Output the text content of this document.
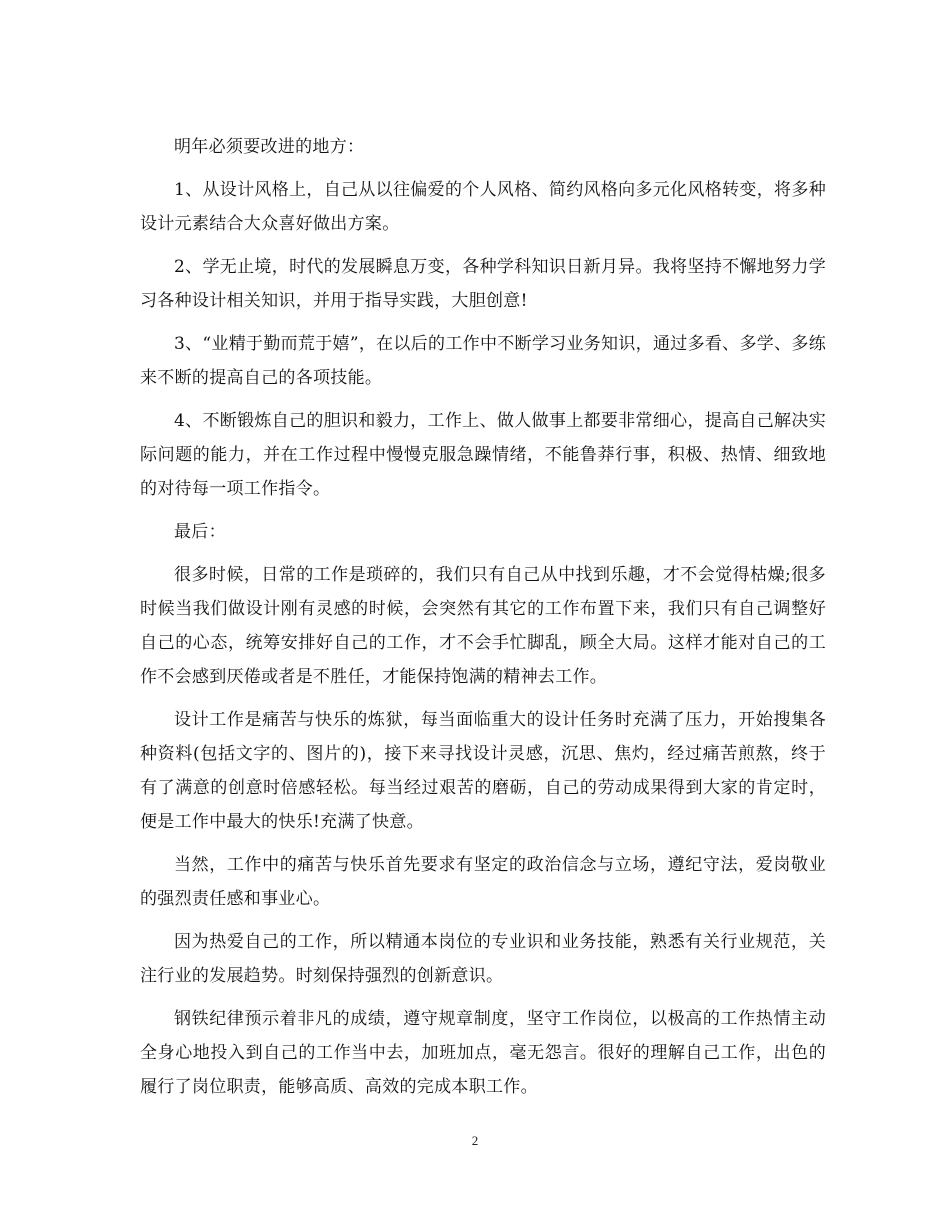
明年必须要改进的地方：

1、从设计风格上，自己从以往偏爱的个人风格、简约风格向多元化风格转变，将多种设计元素结合大众喜好做出方案。

2、学无止境，时代的发展瞬息万变，各种学科知识日新月异。我将坚持不懈地努力学习各种设计相关知识，并用于指导实践，大胆创意!

3、“业精于勤而荒于嬉”，在以后的工作中不断学习业务知识，通过多看、多学、多练来不断的提高自己的各项技能。

4、不断锻炼自己的胆识和毅力，工作上、做人做事上都要非常细心，提高自己解决实际问题的能力，并在工作过程中慢慢克服急躁情绪，不能鲁莽行事，积极、热情、细致地的对待每一项工作指令。

最后：

很多时候，日常的工作是琐碎的，我们只有自己从中找到乐趣，才不会觉得枯燥;很多时候当我们做设计刚有灵感的时候，会突然有其它的工作布置下来，我们只有自己调整好自己的心态，统筹安排好自己的工作，才不会手忙脚乱，顾全大局。这样才能对自己的工作不会感到厌倦或者是不胜任，才能保持饱满的精神去工作。

设计工作是痛苦与快乐的炼狱，每当面临重大的设计任务时充满了压力，开始搜集各种资料(包括文字的、图片的)，接下来寻找设计灵感，沉思、焦灼，经过痛苦煎熬，终于有了满意的创意时倍感轻松。每当经过艰苦的磨砺，自己的劳动成果得到大家的肯定时，便是工作中最大的快乐!充满了快意。

当然，工作中的痛苦与快乐首先要求有坚定的政治信念与立场，遵纪守法，爱岗敬业的强烈责任感和事业心。

因为热爱自己的工作，所以精通本岗位的专业识和业务技能，熟悉有关行业规范，关注行业的发展趋势。时刻保持强烈的创新意识。

钢铁纪律预示着非凡的成绩，遵守规章制度，坚守工作岗位，以极高的工作热情主动全身心地投入到自己的工作当中去，加班加点，毫无怨言。很好的理解自己工作，出色的履行了岗位职责，能够高质、高效的完成本职工作。

2
